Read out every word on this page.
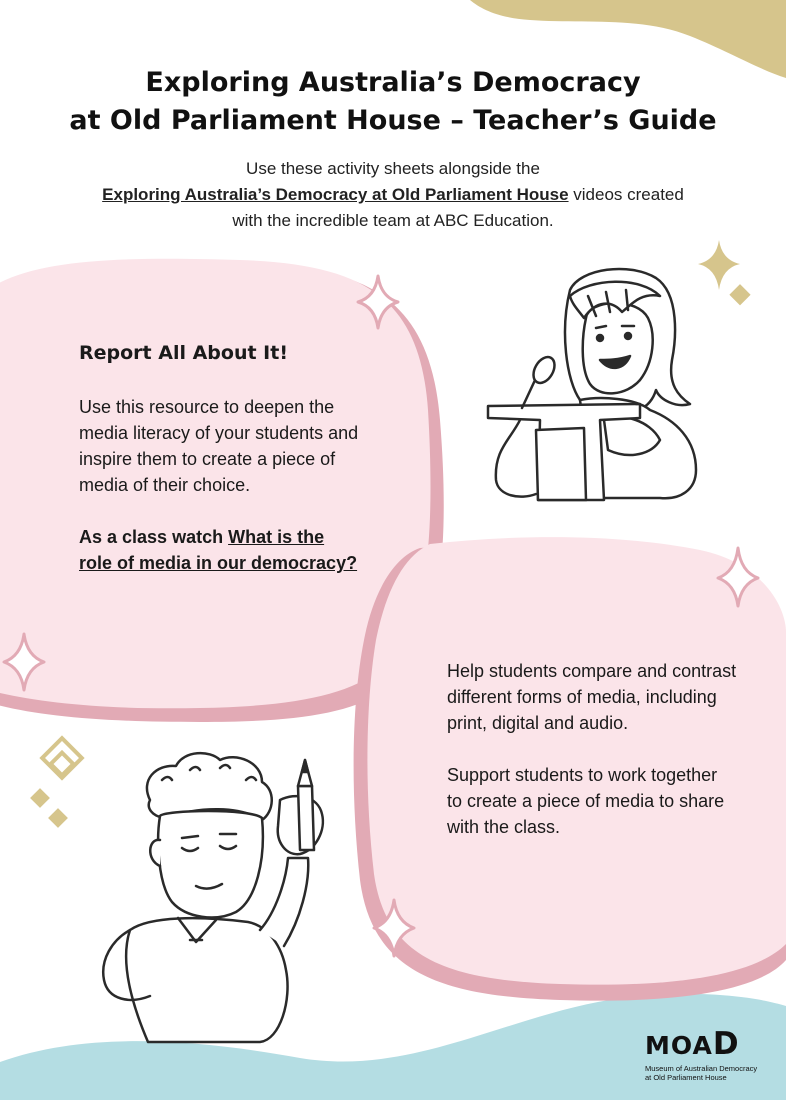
Exploring Australia’s Democracy
at Old Parliament House – Teacher’s Guide
Use these activity sheets alongside the
Exploring Australia’s Democracy at Old Parliament House videos created
with the incredible team at ABC Education.
Report All About It!
Use this resource to deepen the media literacy of your students and inspire them to create a piece of media of their choice.
As a class watch What is the role of media in our democracy?

Help students compare and contrast different forms of media, including print, digital and audio.

Support students to work together to create a piece of media to share with the class.

MOAD
Museum of Australian Democracy
at Old Parliament House
